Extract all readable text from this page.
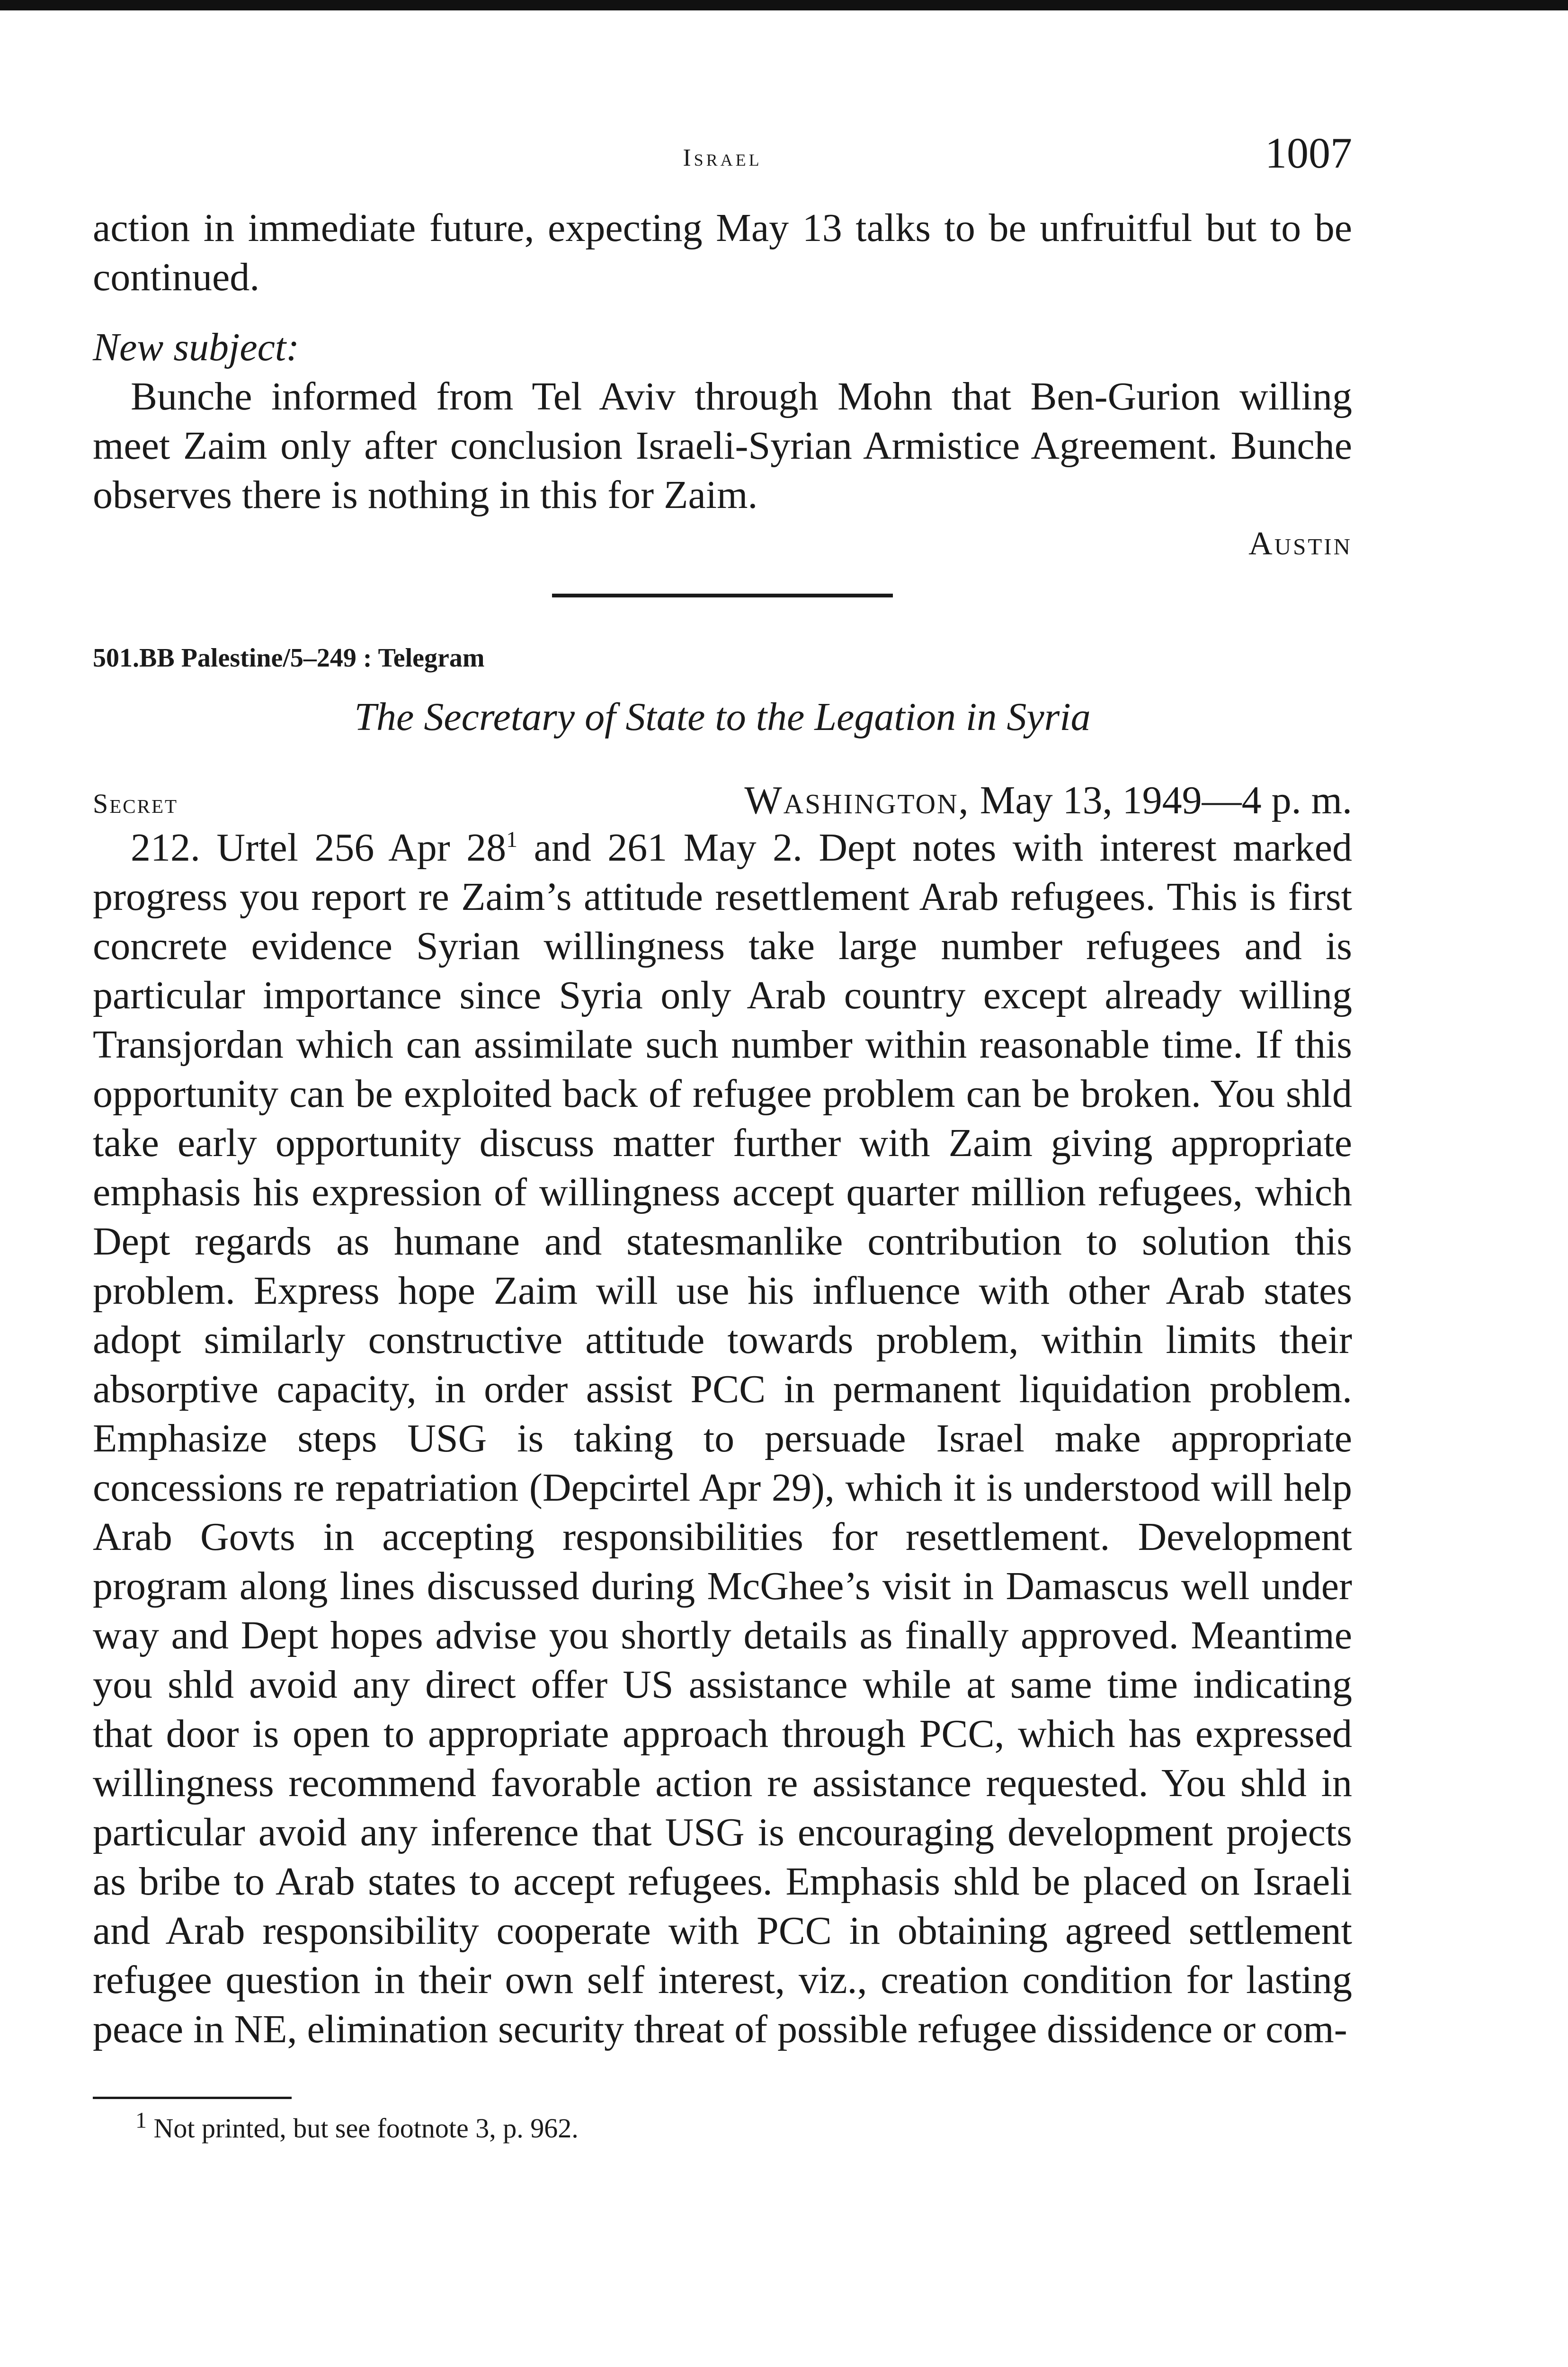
Israel	1007

action in immediate future, expecting May 13 talks to be unfruitful but to be continued.

New subject:

Bunche informed from Tel Aviv through Mohn that Ben-Gurion willing meet Zaim only after conclusion Israeli-Syrian Armistice Agreement. Bunche observes there is nothing in this for Zaim.

Austin
501.BB Palestine/5–249 : Telegram
The Secretary of State to the Legation in Syria
Secret	Washington, May 13, 1949—4 p. m.

212. Urtel 256 Apr $28^1$ and 261 May 2. Dept notes with interest marked progress you report re Zaim’s attitude resettlement Arab refugees. This is first concrete evidence Syrian willingness take large number refugees and is particular importance since Syria only Arab country except already willing Transjordan which can assimilate such number within reasonable time. If this opportunity can be exploited back of refugee problem can be broken. You shld take early opportunity discuss matter further with Zaim giving appropriate emphasis his expression of willingness accept quarter million refugees, which Dept regards as humane and statesmanlike contribution to solution this problem. Express hope Zaim will use his influence with other Arab states adopt similarly constructive attitude towards problem, within limits their absorptive capacity, in order assist PCC in permanent liquidation problem. Emphasize steps USG is taking to persuade Israel make appropriate concessions re repatriation (Depcirtel Apr 29), which it is understood will help Arab Govts in accepting responsibilities for resettlement. Development program along lines discussed during McGhee’s visit in Damascus well under way and Dept hopes advise you shortly details as finally approved. Meantime you shld avoid any direct offer US assistance while at same time indicating that door is open to appropriate approach through PCC, which has expressed willingness recommend favorable action re assistance requested. You shld in particular avoid any inference that USG is encouraging development projects as bribe to Arab states to accept refugees. Emphasis shld be placed on Israeli and Arab responsibility cooperate with PCC in obtaining agreed settlement refugee question in their own self interest, viz., creation condition for lasting peace in NE, elimination security threat of possible refugee dissidence or com-

$^1$ Not printed, but see footnote 3, p. 962.
